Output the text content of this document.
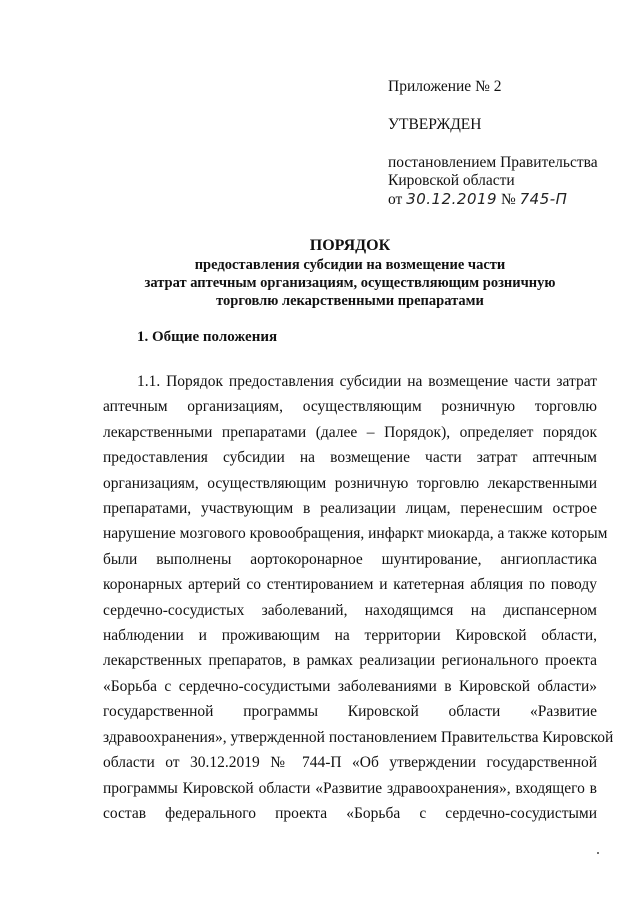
Приложение № 2
УТВЕРЖДЕН
постановлением Правительства
Кировской области
от 30.12.2019 № 745-П
ПОРЯДОК
предоставления субсидии на возмещение части
затрат аптечным организациям, осуществляющим розничную
торговлю лекарственными препаратами
1. Общие положения
1.1. Порядок предоставления субсидии на возмещение части затрат
аптечным организациям, осуществляющим розничную торговлю
лекарственными препаратами (далее – Порядок), определяет порядок
предоставления субсидии на возмещение части затрат аптечным
организациям, осуществляющим розничную торговлю лекарственными
препаратами, участвующим в реализации лицам, перенесшим острое
нарушение мозгового кровообращения, инфаркт миокарда, а также которым
были выполнены аортокоронарное шунтирование, ангиопластика
коронарных артерий со стентированием и катетерная абляция по поводу
сердечно-сосудистых заболеваний, находящимся на диспансерном
наблюдении и проживающим на территории Кировской области,
лекарственных препаратов, в рамках реализации регионального проекта
«Борьба с сердечно-сосудистыми заболеваниями в Кировской области»
государственной программы Кировской области «Развитие
здравоохранения», утвержденной постановлением Правительства Кировской
области от 30.12.2019 № 744-П «Об утверждении государственной
программы Кировской области «Развитие здравоохранения», входящего в
состав федерального проекта «Борьба с сердечно-сосудистыми
